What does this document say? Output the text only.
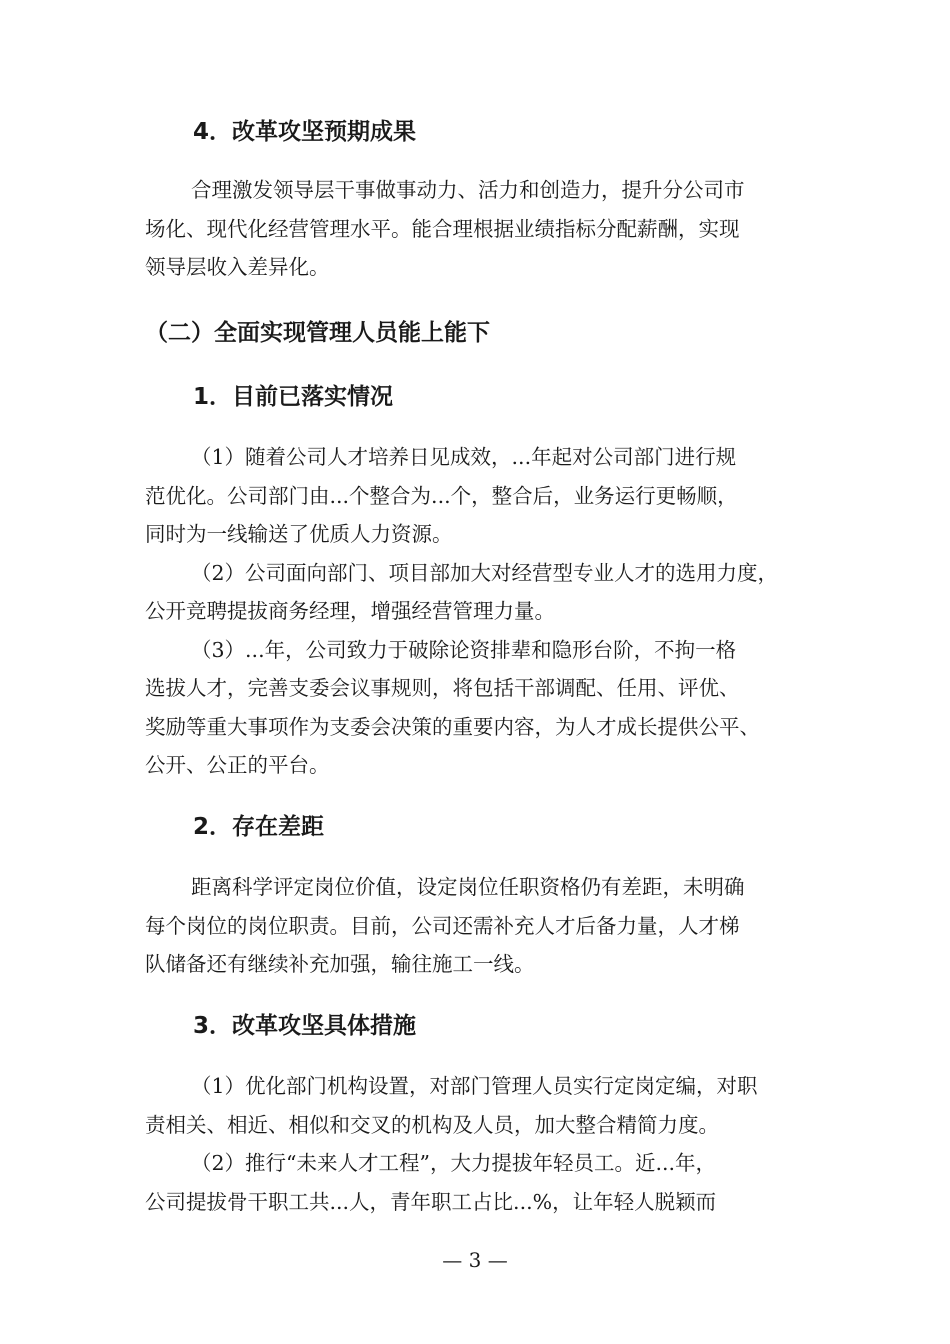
4．改革攻坚预期成果
合理激发领导层干事做事动力、活力和创造力，提升分公司市
场化、现代化经营管理水平。能合理根据业绩指标分配薪酬，实现
领导层收入差异化。
（二）全面实现管理人员能上能下
1．目前已落实情况
（1）随着公司人才培养日见成效，...年起对公司部门进行规
范优化。公司部门由...个整合为...个，整合后，业务运行更畅顺，
同时为一线输送了优质人力资源。
（2）公司面向部门、项目部加大对经营型专业人才的选用力度，
公开竞聘提拔商务经理，增强经营管理力量。
（3）...年，公司致力于破除论资排辈和隐形台阶，不拘一格
选拔人才，完善支委会议事规则，将包括干部调配、任用、评优、
奖励等重大事项作为支委会决策的重要内容，为人才成长提供公平、
公开、公正的平台。
2．存在差距
距离科学评定岗位价值，设定岗位任职资格仍有差距，未明确
每个岗位的岗位职责。目前，公司还需补充人才后备力量，人才梯
队储备还有继续补充加强，输往施工一线。
3．改革攻坚具体措施
（1）优化部门机构设置，对部门管理人员实行定岗定编，对职
责相关、相近、相似和交叉的机构及人员，加大整合精简力度。
（2）推行“未来人才工程”，大力提拔年轻员工。近...年，
公司提拔骨干职工共...人，青年职工占比...%，让年轻人脱颖而
— 3 —
